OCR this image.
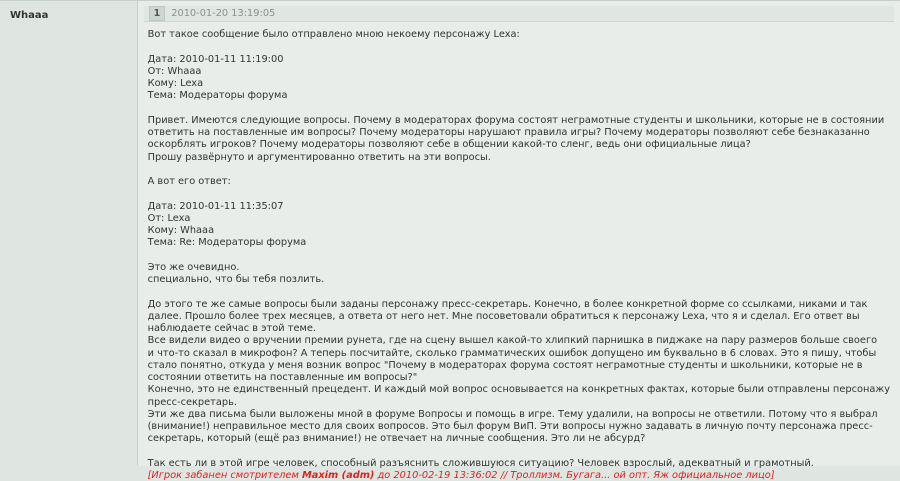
Whaaa	1	2010-01-20 13:19:05

Вот такое сообщение было отправлено мною некоему персонажу Lexa:

Дата: 2010-01-11 11:19:00

От: Whaaa

Кому: Lexa

Тема: Модераторы форума

Привет. Имеются следующие вопросы. Почему в модераторах форума состоят неграмотные студенты и школьники, которые не в состоянии

ответить на поставленные им вопросы? Почему модераторы нарушают правила игры? Почему модераторы позволяют себе безнаказанно

оскорблять игроков? Почему модераторы позволяют себе в общении какой-то сленг, ведь они официальные лица?

Прошу развёрнуто и аргументированно ответить на эти вопросы.

А вот его ответ:

Дата: 2010-01-11 11:35:07

От: Lexa

Кому: Whaaa

Тема: Re: Модераторы форума

Это же очевидно.

специально, что бы тебя позлить.

До этого те же самые вопросы были заданы персонажу пресс-секретарь. Конечно, в более конкретной форме со ссылками, никами и так

далее. Прошло более трех месяцев, а ответа от него нет. Мне посоветовали обратиться к персонажу Lexa, что я и сделал. Его ответ вы

наблюдаете сейчас в этой теме.

Все видели видео о вручении премии рунета, где на сцену вышел какой-то хлипкий парнишка в пиджаке на пару размеров больше своего

и что-то сказал в микрофон? А теперь посчитайте, сколько грамматических ошибок допущено им буквально в 6 словах. Это я пишу, чтобы

стало понятно, откуда у меня возник вопрос "Почему в модераторах форума состоят неграмотные студенты и школьники, которые не в

состоянии ответить на поставленные им вопросы?"

Конечно, это не единственный прецедент. И каждый мой вопрос основывается на конкретных фактах, которые были отправлены персонажу

пресс-секретарь.

Эти же два письма были выложены мной в форуме Вопросы и помощь в игре. Тему удалили, на вопросы не ответили. Потому что я выбрал

(внимание!) неправильное место для своих вопросов. Это был форум ВиП. Эти вопросы нужно задавать в личную почту персонажа пресс-

секретарь, который (ещё раз внимание!) не отвечает на личные сообщения. Это ли не абсурд?

Так есть ли в этой игре человек, способный разъяснить сложившуюся ситуацию? Человек взрослый, адекватный и грамотный.

[Игрок забанен смотрителем Maxim (adm) до 2010-02-19 13:36:02 // Троллизм. Бугага... ой опт. Яж официальное лицо]
